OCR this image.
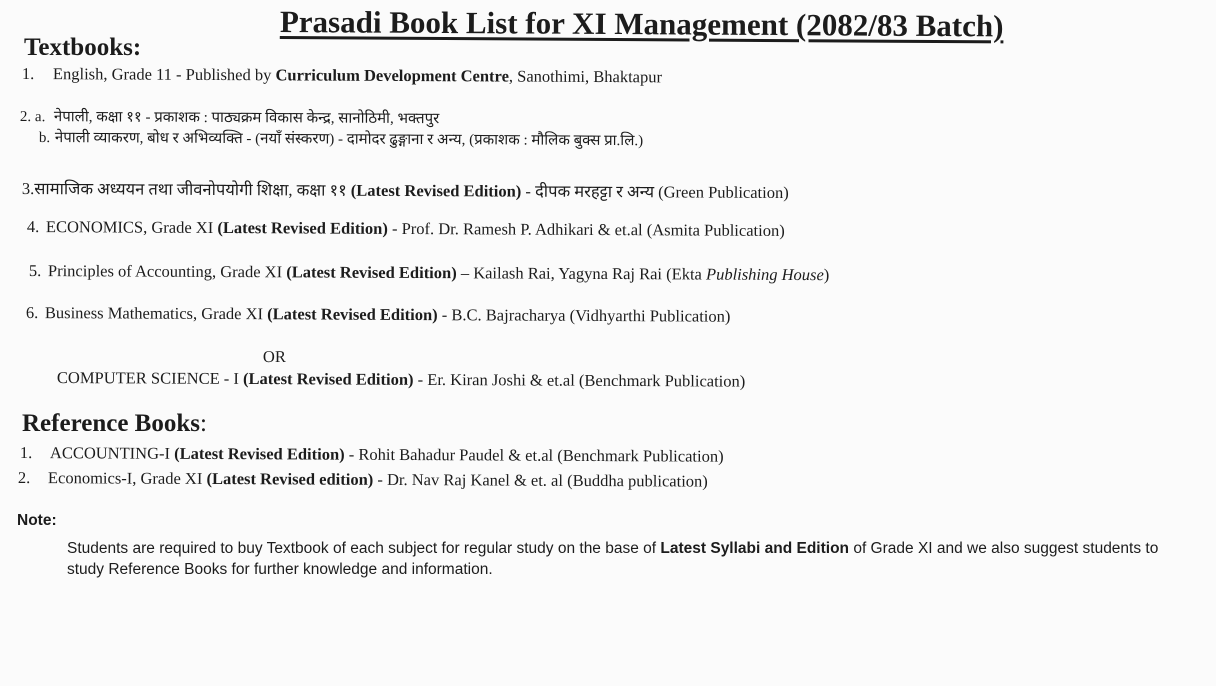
Prasadi Book List for XI Management (2082/83 Batch)
Textbooks:
1. English, Grade 11 - Published by Curriculum Development Centre, Sanothimi, Bhaktapur
2. a. नेपाली, कक्षा ११ - प्रकाशक : पाठ्यक्रम विकास केन्द्र, सानोठिमी, भक्तपुर
b. नेपाली व्याकरण, बोध र अभिव्यक्ति - (नयाँ संस्करण) - दामोदर ढुङ्गाना र अन्य, (प्रकाशक : मौलिक बुक्स प्रा.लि.)
3.सामाजिक अध्ययन तथा जीवनोपयोगी शिक्षा, कक्षा ११ (Latest Revised Edition) - दीपक मरहट्टा र अन्य (Green Publication)
4. ECONOMICS, Grade XI (Latest Revised Edition) - Prof. Dr. Ramesh P. Adhikari & et.al (Asmita Publication)
5. Principles of Accounting, Grade XI (Latest Revised Edition) – Kailash Rai, Yagyna Raj Rai (Ekta Publishing House)
6. Business Mathematics, Grade XI (Latest Revised Edition) - B.C. Bajracharya (Vidhyarthi Publication)
OR
COMPUTER SCIENCE - I (Latest Revised Edition) - Er. Kiran Joshi & et.al (Benchmark Publication)
Reference Books:
1. ACCOUNTING-I (Latest Revised Edition) - Rohit Bahadur Paudel & et.al (Benchmark Publication)
2. Economics-I, Grade XI (Latest Revised edition) - Dr. Nav Raj Kanel & et. al (Buddha publication)
Note:
Students are required to buy Textbook of each subject for regular study on the base of Latest Syllabi and Edition of Grade XI and we also suggest students to study Reference Books for further knowledge and information.
